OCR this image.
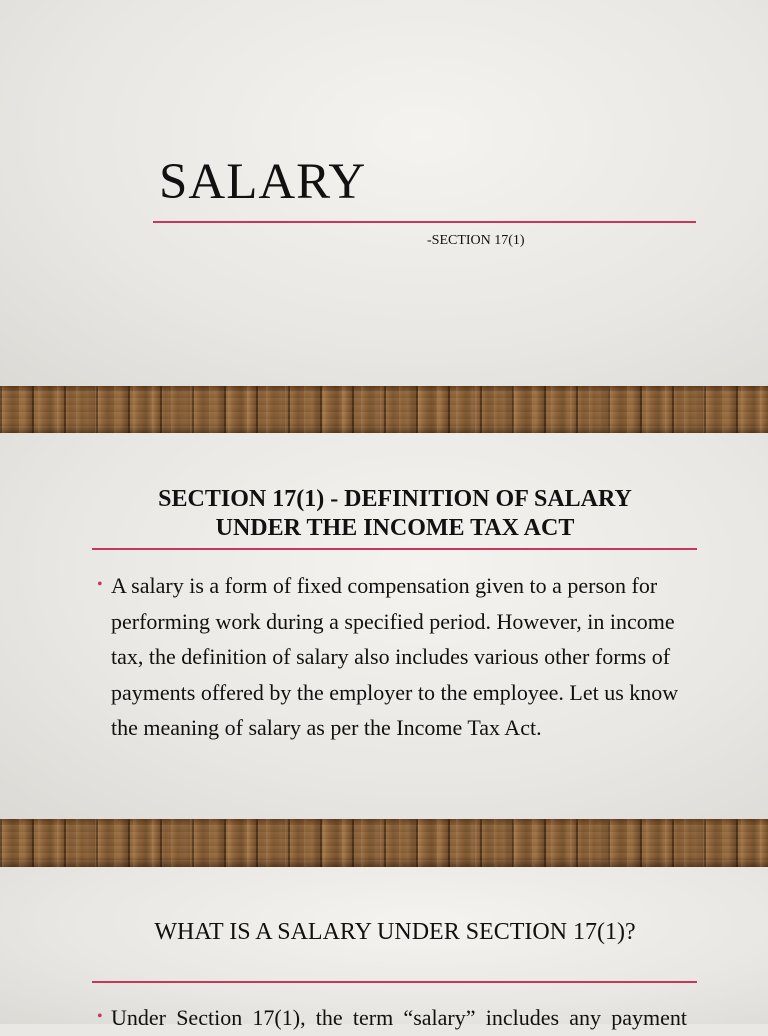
SALARY

-SECTION 17(1)

SECTION 17(1) - DEFINITION OF SALARY
UNDER THE INCOME TAX ACT

• A salary is a form of fixed compensation given to a person for performing work during a specified period. However, in income tax, the definition of salary also includes various other forms of payments offered by the employer to the employee. Let us know the meaning of salary as per the Income Tax Act.

WHAT IS A SALARY UNDER SECTION 17(1)?

• Under Section 17(1), the term “salary” includes any payment
